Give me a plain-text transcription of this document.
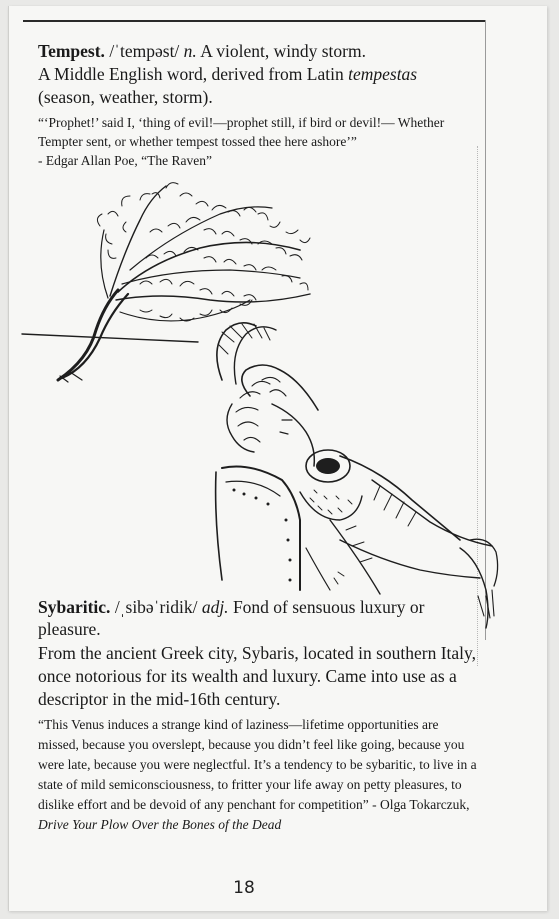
Tempest. /ˈtempəst/ n. A violent, windy storm.

A Middle English word, derived from Latin tempestas (season, weather, storm).

“‘Prophet!’ said I, ‘thing of evil!—prophet still, if bird or devil!— Whether Tempter sent, or whether tempest tossed thee here ashore’”
- Edgar Allan Poe, “The Raven”

Sybaritic. /ˌsibəˈridik/ adj. Fond of sensuous luxury or pleasure.

From the ancient Greek city, Sybaris, located in southern Italy, once notorious for its wealth and luxury. Came into use as a descriptor in the mid-16th century.

“This Venus induces a strange kind of laziness—lifetime opportunities are missed, because you overslept, because you didn’t feel like going, because you were late, because you were neglectful. It’s a tendency to be sybaritic, to live in a state of mild semiconsciousness, to fritter your life away on petty pleasures, to dislike effort and be devoid of any penchant for competition” - Olga Tokarczuk, Drive Your Plow Over the Bones of the Dead

18
